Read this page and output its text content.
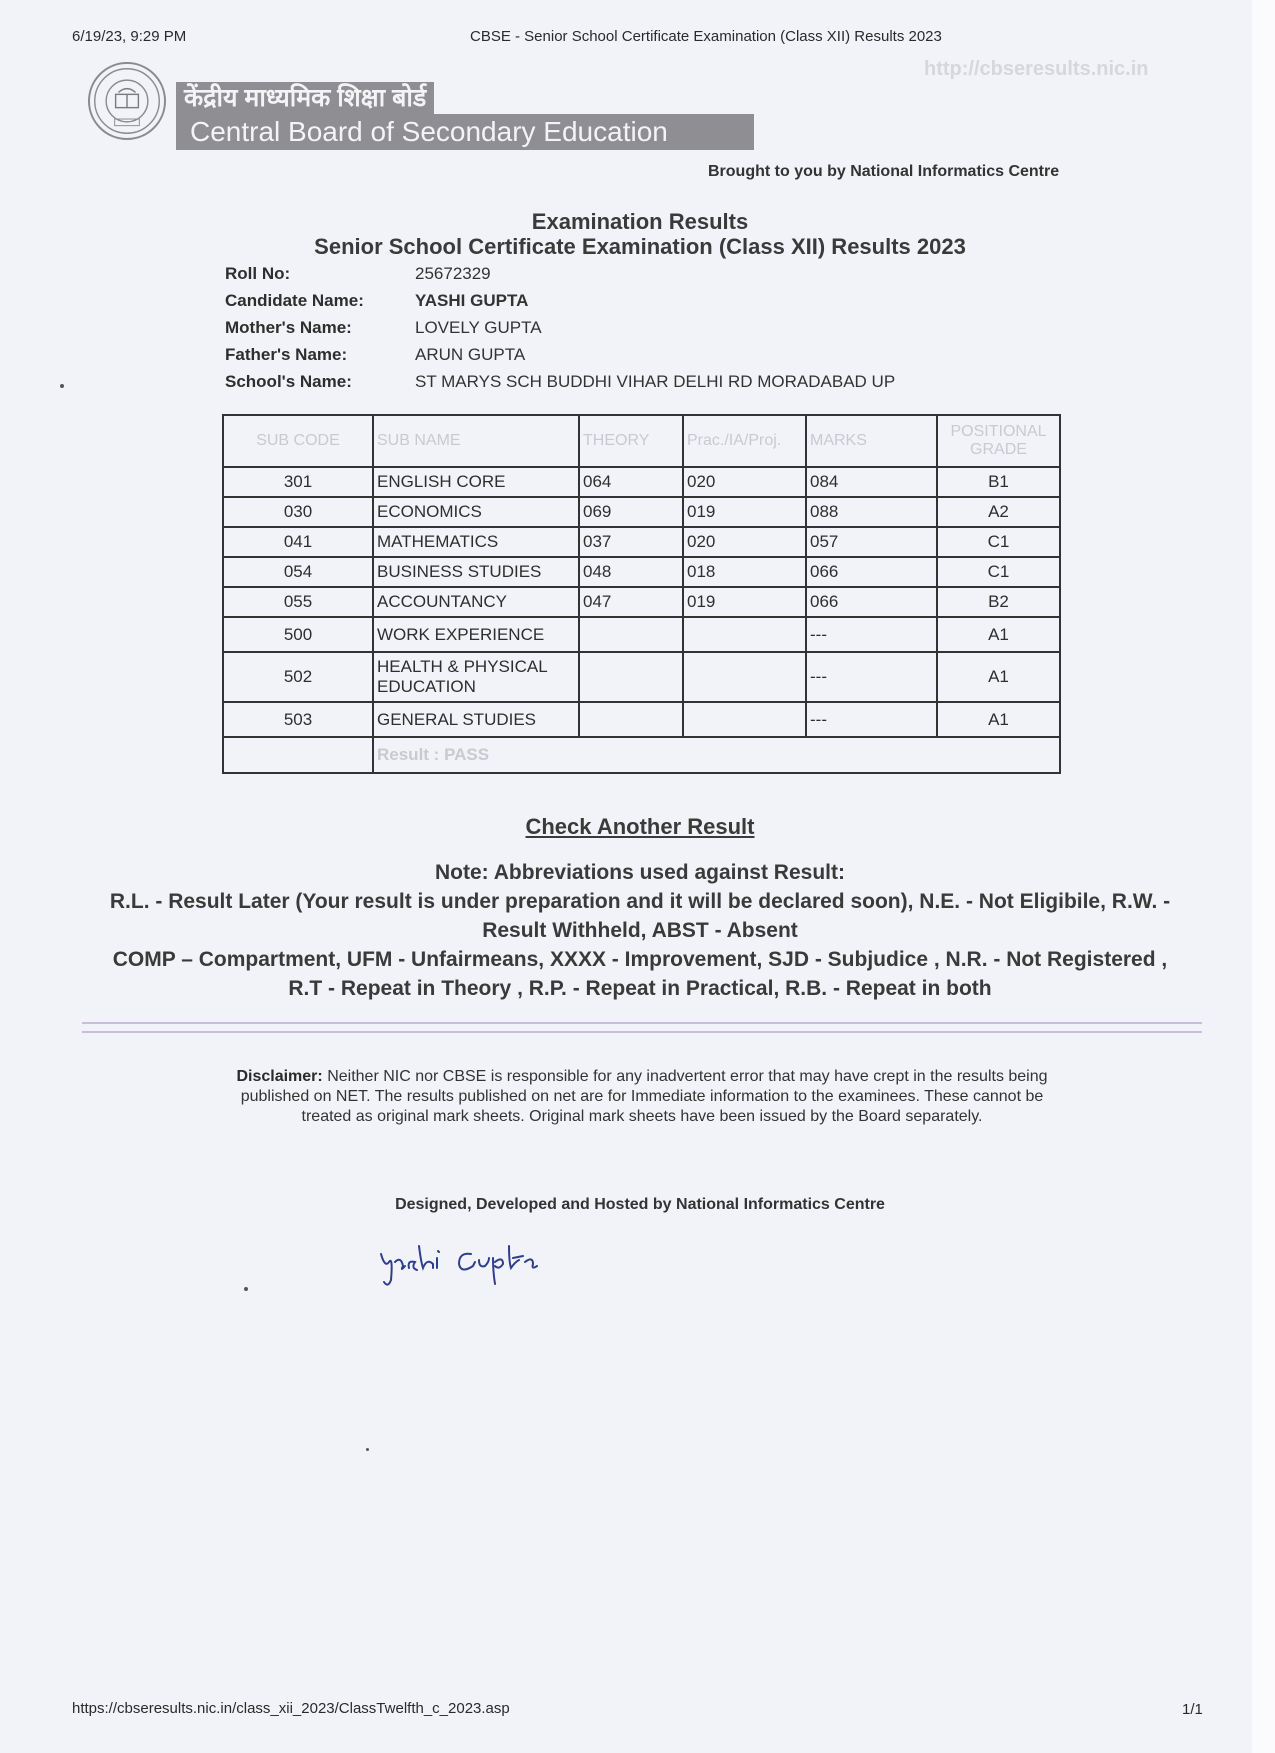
6/19/23, 9:29 PM	CBSE - Senior School Certificate Examination (Class XII) Results 2023
http://cbseresults.nic.in
केंद्रीय माध्यमिक शिक्षा बोर्ड
Central Board of Secondary Education
Brought to you by National Informatics Centre
Examination Results
Senior School Certificate Examination (Class XII) Results 2023
Roll No:	25672329
Candidate Name:	YASHI GUPTA
Mother's Name:	LOVELY GUPTA
Father's Name:	ARUN GUPTA
School's Name:	ST MARYS SCH BUDDHI VIHAR DELHI RD MORADABAD UP
SUB CODE	SUB NAME	THEORY	Prac./IA/Proj.	MARKS	POSITIONAL GRADE
301	ENGLISH CORE	064	020	084	B1
030	ECONOMICS	069	019	088	A2
041	MATHEMATICS	037	020	057	C1
054	BUSINESS STUDIES	048	018	066	C1
055	ACCOUNTANCY	047	019	066	B2
500	WORK EXPERIENCE			---	A1
502	HEALTH & PHYSICAL EDUCATION			---	A1
503	GENERAL STUDIES			---	A1
	Result : PASS				
Check Another Result
Note: Abbreviations used against Result:
R.L. - Result Later (Your result is under preparation and it will be declared soon), N.E. - Not Eligibile, R.W. - Result Withheld, ABST - Absent
COMP – Compartment, UFM - Unfairmeans, XXXX - Improvement, SJD - Subjudice , N.R. - Not Registered , R.T - Repeat in Theory , R.P. - Repeat in Practical, R.B. - Repeat in both
Disclaimer: Neither NIC nor CBSE is responsible for any inadvertent error that may have crept in the results being published on NET. The results published on net are for Immediate information to the examinees. These cannot be treated as original mark sheets. Original mark sheets have been issued by the Board separately.
Designed, Developed and Hosted by National Informatics Centre
https://cbseresults.nic.in/class_xii_2023/ClassTwelfth_c_2023.asp	1/1
